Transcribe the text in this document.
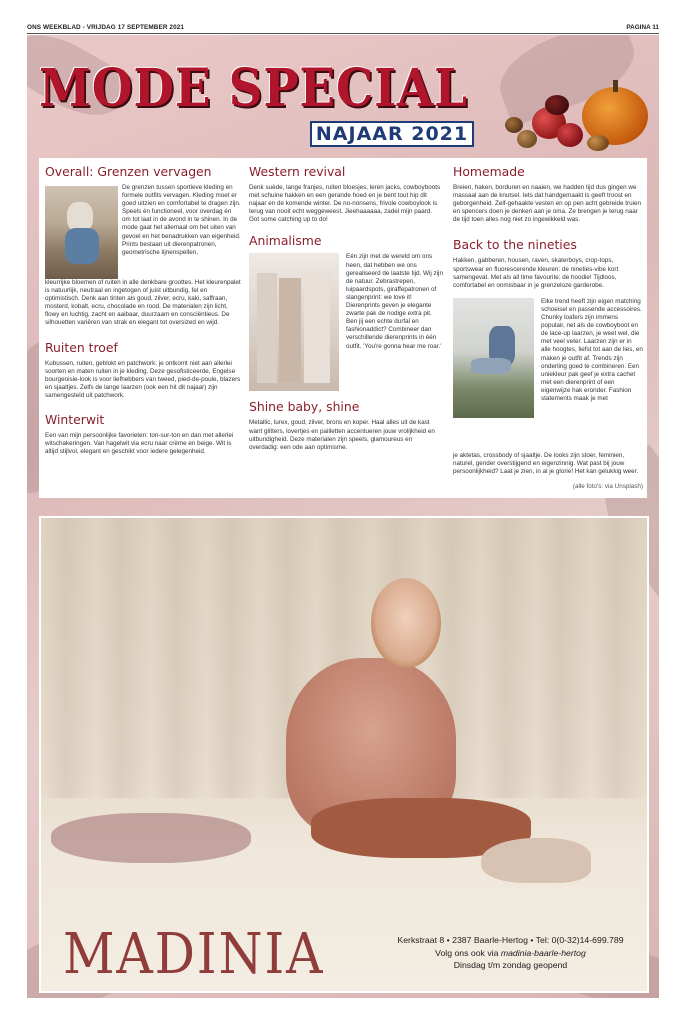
ONS WEEKBLAD - VRIJDAG 17 SEPTEMBER 2021	PAGINA 11
MODE SPECIAL
NAJAAR 2021
Overall: Grenzen vervagen

De grenzen tussen sportieve kleding en formele outfits vervagen. Kleding moet er goed uitzien en comfortabel te dragen zijn. Speels én functioneel, voor overdag én om tot laat in de avond in te shinen. In de mode gaat het allemaal om het uiten van gevoel en het benadrukken van eigenheid. Prints bestaan uit dierenpatronen, geometrische lijnenspellen,

kleurrijke bloemen of ruiten in alle denkbare groottes. Het kleurenpalet is natuurlijk, neutraal en ingetogen of juist uitbundig, fel en optimistisch. Denk aan tinten als goud, zilver, ecru, kaki, saffraan, mosterd, kobalt, ecru, chocolade en rood. De materialen zijn licht, flowy en luchtig, zacht en aaibaar, duurzaam en consciëntieus. De silhouetten variëren van strak en elegant tot oversized en wijd.

Ruiten troef

Kubussen, ruiten, geblokt en patchwork: je ontkomt niet aan allerlei soorten en maten ruiten in je kleding. Deze gesofisticeerde, Engelse bourgeoisie-look is voor liefhebbers van tweed, pied-de-poule, blazers en sjaaltjes. Zelfs de lange laarzen (ook een hit dit najaar) zijn samengesteld uit patchwork.

Winterwit

Een van mijn persoonlijke favorieten: ton-sur-ton en dan met allerlei witschakeringen. Van hagelwit via ecru naar crème en beige. Wit is altijd stijlvol, elegant en geschikt voor iedere gelegenheid.

Western revival

Denk suède, lange franjes, ruiten bloesjes, leren jacks, cowboyboots met schuine hakken en een gerande hoed en je bent tout hip dit najaar en de komende winter. De no-nonsens, frivole cowboylook is terug van nooit echt weggeweest. Jieehaaaaaa, zadel mijn paard. Got some catching up to do!

Animalisme

Eén zijn met de wereld om ons heen, dat hebben we ons gerealiseerd de laatste tijd. Wij zijn de natuur. Zebrastrepen, luipaardspots, giraffepatronen of slangenprint: we love it! Dierenprints geven je elegante zwarte pak de nodige extra pit. Ben jij een echte durfal en fashionaddict? Combineer dan verschillende dierenprints in één outfit. 'You're gonna hear me roar.'

Shine baby, shine

Metallic, lurex, goud, zilver, brons en koper. Haal alles uit de kast want glitters, lovertjes en pailletten accentueren jouw vrolijkheid en uitbundigheid. Deze materialen zijn speels, glamoureus en overdadig: een ode aan optimisme.

Homemade

Breien, haken, borduren en naaien, we hadden tijd dus gingen we massaal aan de knutsel. Iets dat handgemaakt is geeft troost en geborgenheid. Zelf-gehaakte vesten en op pen acht gebreide truien en spencers doen je denken aan je oma. Ze brengen je terug naar de tijd toen alles nog niet zo ingewikkeld was.

Back to the nineties

Hakken, gabberen, housen, raven, skaterboys, crop-tops, sportswear en fluorescerende kleuren: de nineties-vibe kort samengevat. Met als all time favourite: de hoodie! Tijdloos, comfortabel en onmisbaar in je grenzeloze garderobe.

Elke trend heeft zijn eigen matching schoeisel en passende accessoires. Chunky loafers zijn immens populair, net als de cowboyboot en de lace-up laarzen, je weet wel, die met veel veter. Laarzen zijn er in alle hoogtes, liefst tot aan de lies, en maken je outfit af. Trends zijn onderling goed te combineren. Een uniekleur pak geef je extra cachet met een dierenprint of een eigenwijze hak eronder. Fashion statements maak je met

je aktetas, crossbody of sjaaltje. De looks zijn stoer, feminien, naturel, gender overstijgend en eigenzinnig. Wat past bij jouw persoonlijkheid? Laat je zien, in al je glorie! Het kan gelukkig weer.

(alle foto's: via Unsplash)

MADINIA	Kerkstraat 8 • 2387 Baarle-Hertog • Tel: 0(0-32)14-699.789
Volg ons ook via madinia-baarle-hertog
Dinsdag t/m zondag geopend
